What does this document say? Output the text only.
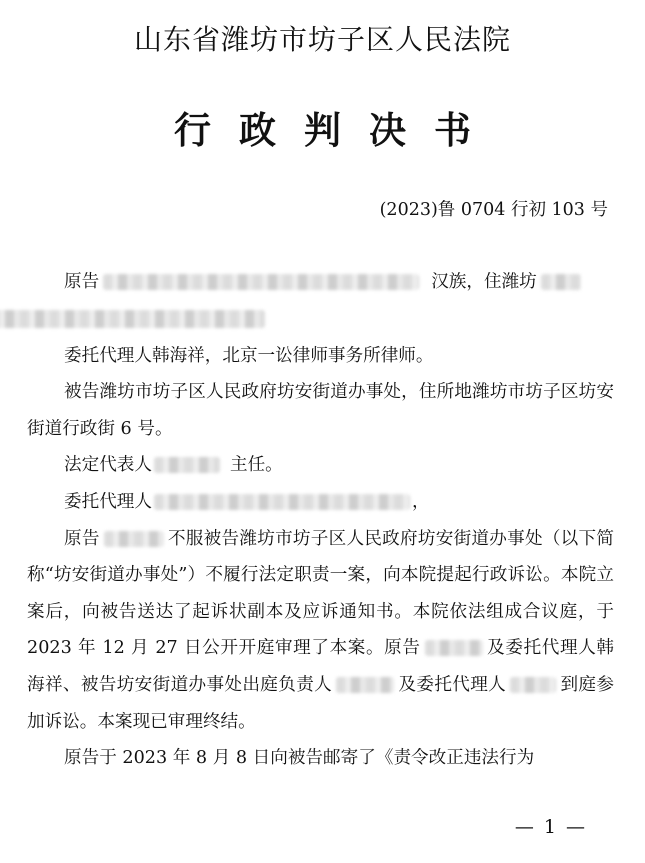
山东省潍坊市坊子区人民法院
行政判决书
(2023)鲁 0704 行初 103 号

原告	汉族，住潍坊

委托代理人韩海祥，北京一讼律师事务所律师。

被告潍坊市坊子区人民政府坊安街道办事处，住所地潍坊市坊子区坊安街道行政街 6 号。

法定代表人	主任。

委托代理人	，

原告	不服被告潍坊市坊子区人民政府坊安街道办事处（以下简称“坊安街道办事处”）不履行法定职责一案，向本院提起行政诉讼。本院立案后，向被告送达了起诉状副本及应诉通知书。本院依法组成合议庭，于 2023 年 12 月 27 日公开开庭审理了本案。原告	及委托代理人韩海祥、被告坊安街道办事处出庭负责人	及委托代理人	到庭参加诉讼。本案现已审理终结。

原告于 2023 年 8 月 8 日向被告邮寄了《责令改正违法行为

— 1 —
